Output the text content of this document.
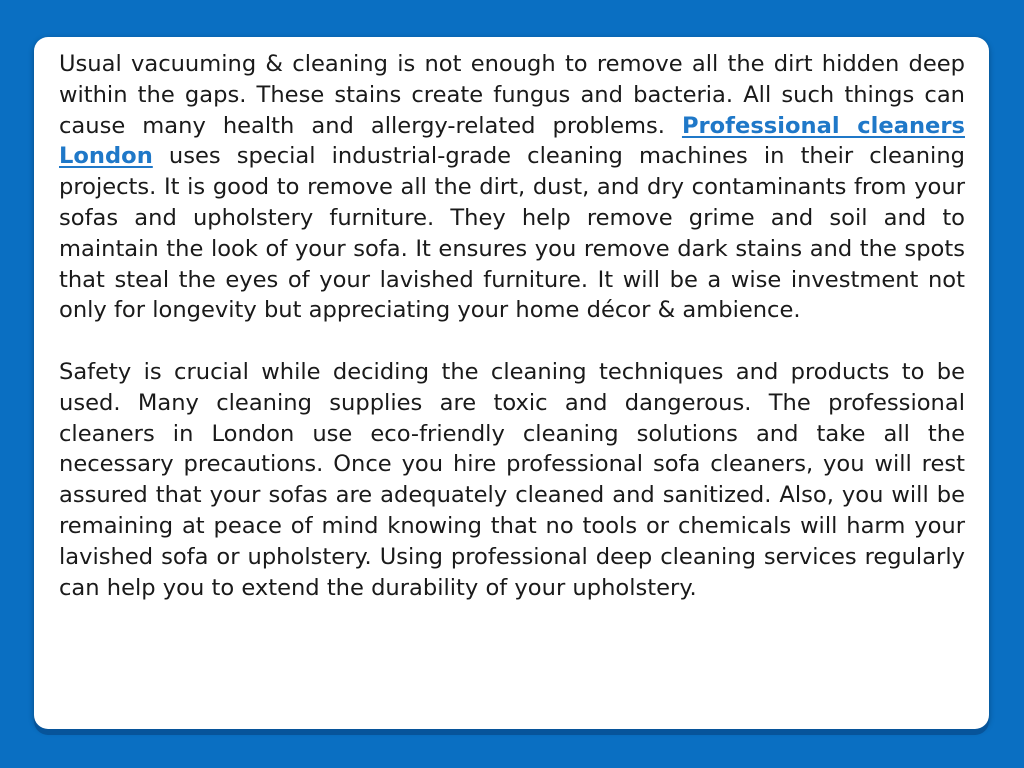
Usual vacuuming & cleaning is not enough to remove all the dirt hidden deep within the gaps. These stains create fungus and bacteria. All such things can cause many health and allergy-related problems. Professional cleaners London uses special industrial-grade cleaning machines in their cleaning projects. It is good to remove all the dirt, dust, and dry contaminants from your sofas and upholstery furniture. They help remove grime and soil and to maintain the look of your sofa. It ensures you remove dark stains and the spots that steal the eyes of your lavished furniture. It will be a wise investment not only for longevity but appreciating your home décor & ambience.

Safety is crucial while deciding the cleaning techniques and products to be used. Many cleaning supplies are toxic and dangerous. The professional cleaners in London use eco-friendly cleaning solutions and take all the necessary precautions. Once you hire professional sofa cleaners, you will rest assured that your sofas are adequately cleaned and sanitized. Also, you will be remaining at peace of mind knowing that no tools or chemicals will harm your lavished sofa or upholstery. Using professional deep cleaning services regularly can help you to extend the durability of your upholstery.
